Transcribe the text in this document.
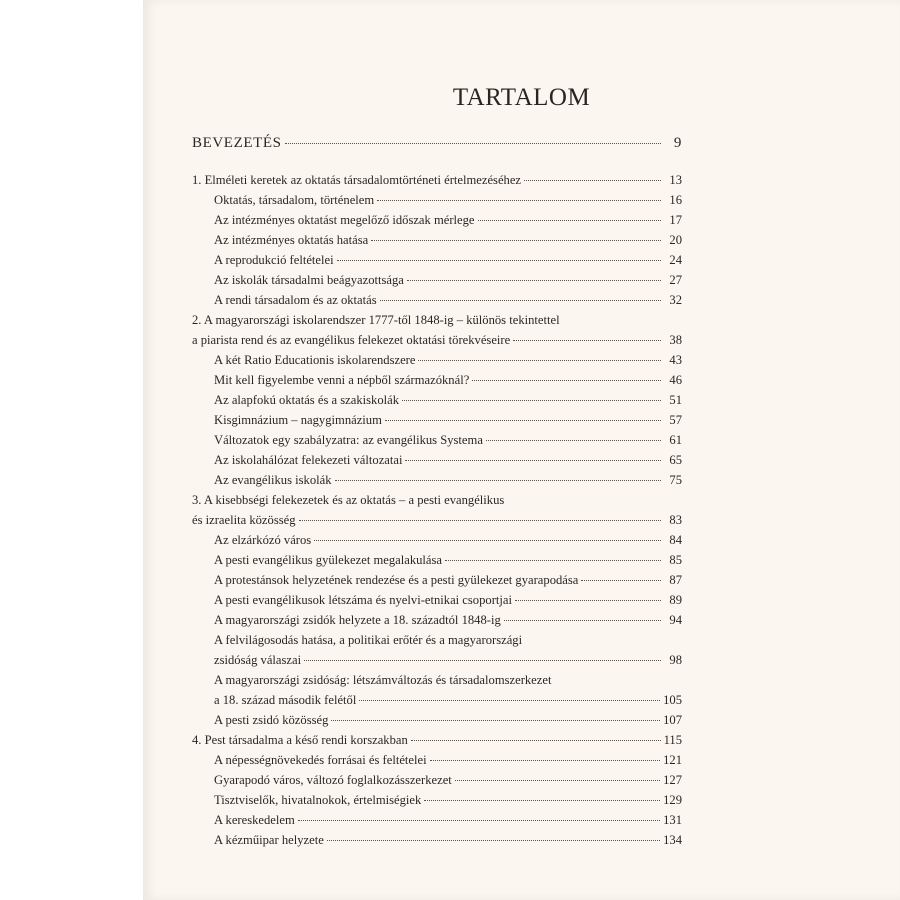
TARTALOM
BEVEZETÉS	9
1. Elméleti keretek az oktatás társadalomtörténeti értelmezéséhez	13
Oktatás, társadalom, történelem	16
Az intézményes oktatást megelőző időszak mérlege	17
Az intézményes oktatás hatása	20
A reprodukció feltételei	24
Az iskolák társadalmi beágyazottsága	27
A rendi társadalom és az oktatás	32
2. A magyarországi iskolarendszer 1777-től 1848-ig – különös tekintettel
a piarista rend és az evangélikus felekezet oktatási törekvéseire	38
A két Ratio Educationis iskolarendszere	43
Mit kell figyelembe venni a népből származóknál?	46
Az alapfokú oktatás és a szakiskolák	51
Kisgimnázium – nagygimnázium	57
Változatok egy szabályzatra: az evangélikus Systema	61
Az iskolahálózat felekezeti változatai	65
Az evangélikus iskolák	75
3. A kisebbségi felekezetek és az oktatás – a pesti evangélikus
és izraelita közösség	83
Az elzárkózó város	84
A pesti evangélikus gyülekezet megalakulása	85
A protestánsok helyzetének rendezése és a pesti gyülekezet gyarapodása	87
A pesti evangélikusok létszáma és nyelvi-etnikai csoportjai	89
A magyarországi zsidók helyzete a 18. századtól 1848-ig	94
A felvilágosodás hatása, a politikai erőtér és a magyarországi
zsidóság válaszai	98
A magyarországi zsidóság: létszámváltozás és társadalomszerkezet
a 18. század második felétől	105
A pesti zsidó közösség	107
4. Pest társadalma a késő rendi korszakban	115
A népességnövekedés forrásai és feltételei	121
Gyarapodó város, változó foglalkozásszerkezet	127
Tisztviselők, hivatalnokok, értelmiségiek	129
A kereskedelem	131
A kézműipar helyzete	134
